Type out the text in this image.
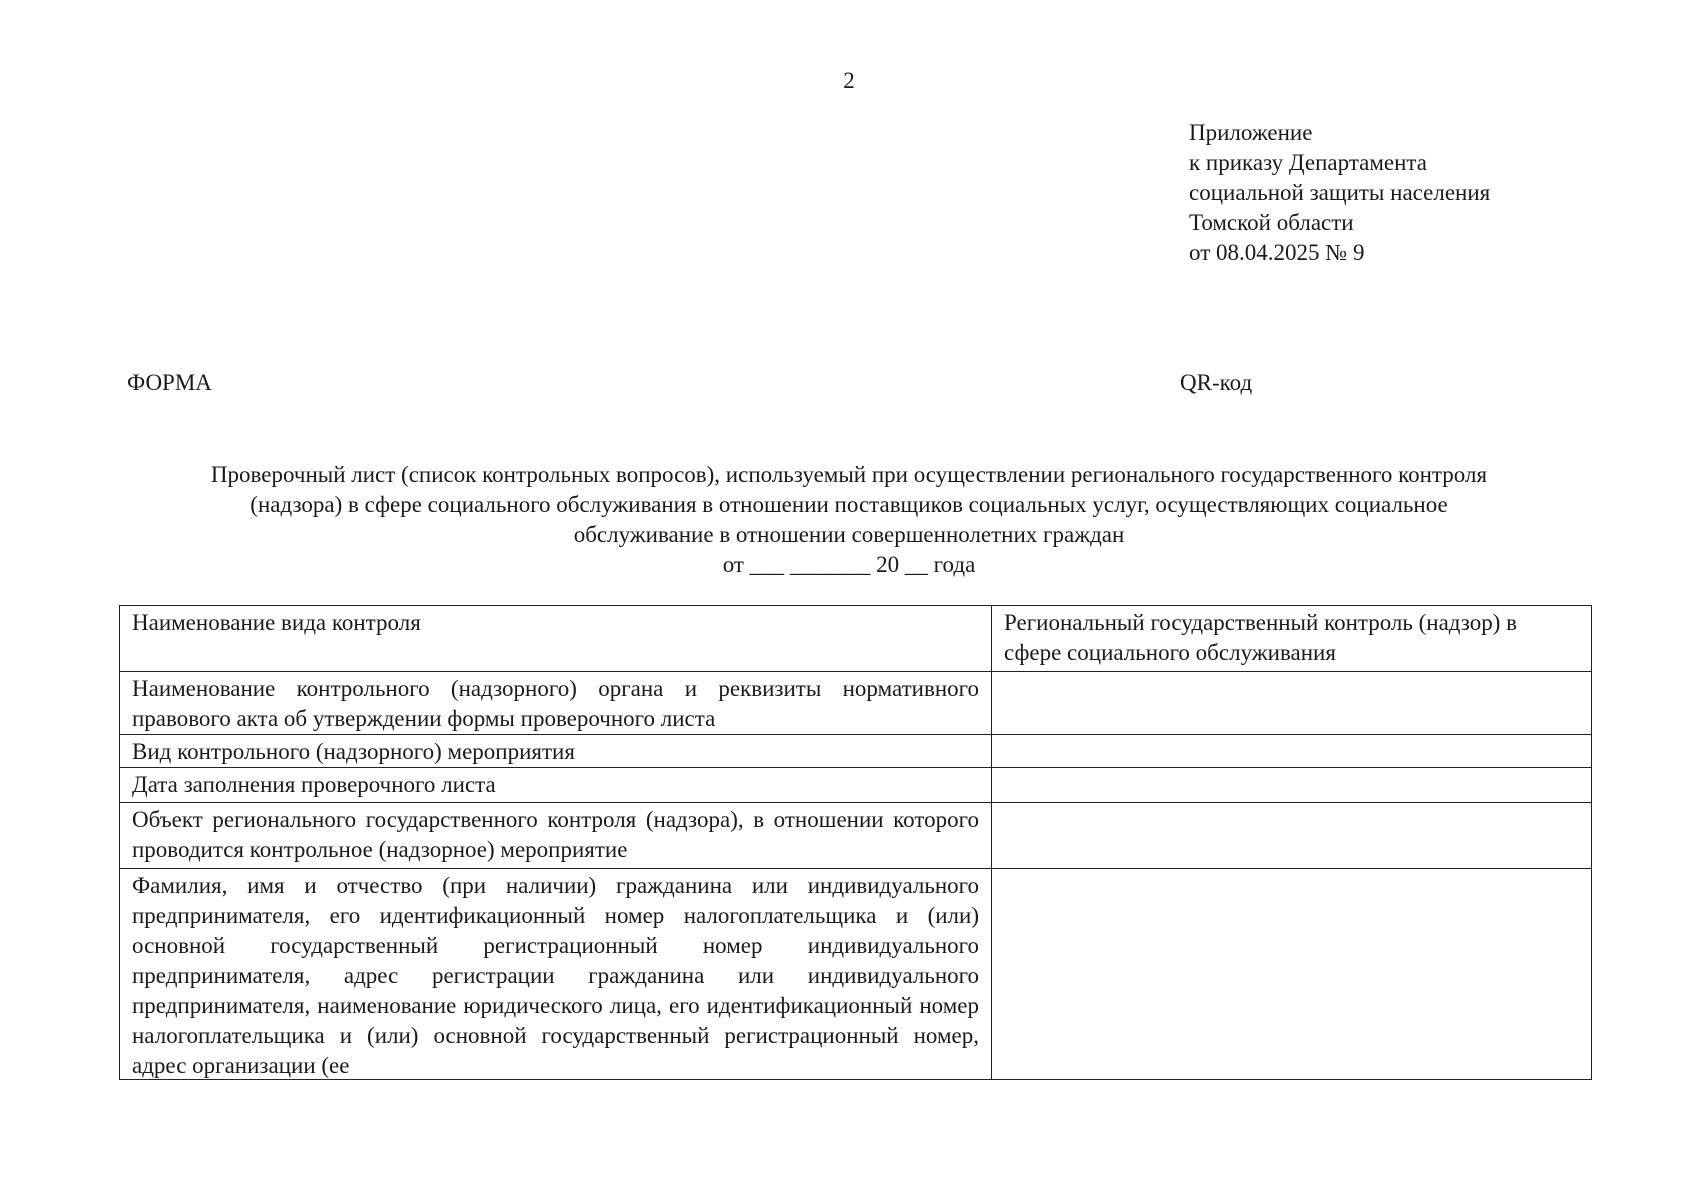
2
Приложение
к приказу Департамента
социальной защиты населения
Томской области
от 08.04.2025 № 9
ФОРМА	QR-код
Проверочный лист (список контрольных вопросов), используемый при осуществлении регионального государственного контроля
(надзора) в сфере социального обслуживания в отношении поставщиков социальных услуг, осуществляющих социальное
обслуживание в отношении совершеннолетних граждан
от ___ _______ 20 __ года
Наименование вида контроля	Региональный государственный контроль (надзор) в сфере социального обслуживания
Наименование контрольного (надзорного) органа и реквизиты нормативного правового акта об утверждении формы проверочного листа	
Вид контрольного (надзорного) мероприятия	
Дата заполнения проверочного листа	
Объект регионального государственного контроля (надзора), в отношении которого проводится контрольное (надзорное) мероприятие	

Фамилия, имя и отчество (при наличии) гражданина или индивидуального предпринимателя, его идентификационный номер налогоплательщика и (или) основной государственный регистрационный номер индивидуального предпринимателя, адрес регистрации гражданина или индивидуального предпринимателя, наименование юридического лица, его идентификационный номер налогоплательщика и (или) основной государственный регистрационный номер, адрес организации (ее	
